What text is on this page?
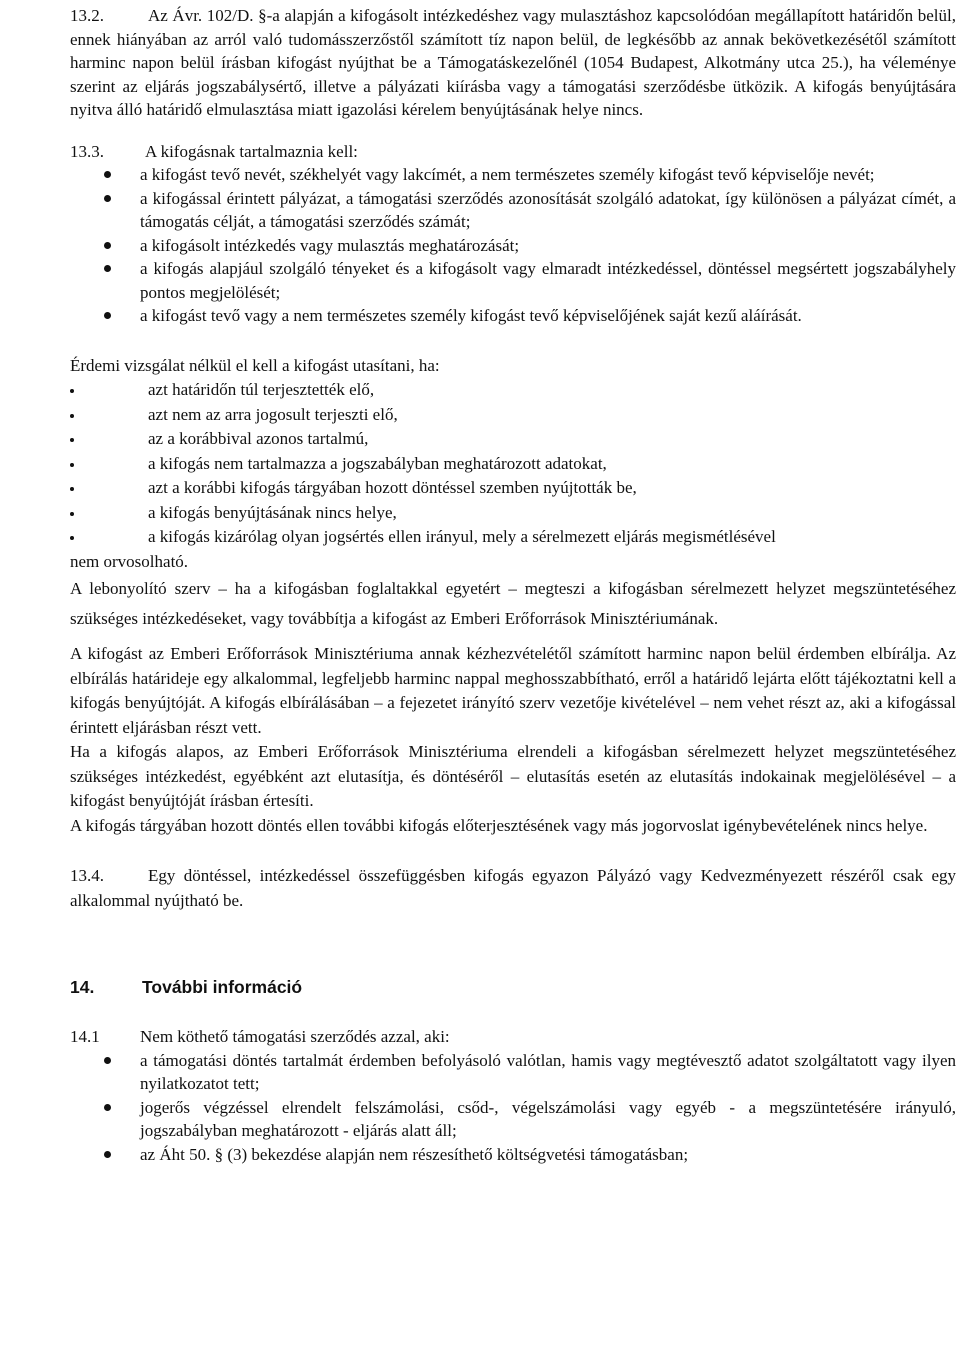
13.2.	Az Ávr. 102/D. §-a alapján a kifogásolt intézkedéshez vagy mulasztáshoz kapcsolódóan megállapított határidőn belül, ennek hiányában az arról való tudomásszerzőstől számított tíz napon belül, de legkésőbb az annak bekövetkezésétől számított harminc napon belül írásban kifogást nyújthat be a Támogatáskezelőnél (1054 Budapest, Alkotmány utca 25.), ha véleménye szerint az eljárás jogszabálysértő, illetve a pályázati kiírásba vagy a támogatási szerződésbe ütközik. A kifogás benyújtására nyitva álló határidő elmulasztása miatt igazolási kérelem benyújtásának helye nincs.

13.3. A kifogásnak tartalmaznia kell:

a kifogást tevő nevét, székhelyét vagy lakcímét, a nem természetes személy kifogást tevő képviselője nevét;
a kifogással érintett pályázat, a támogatási szerződés azonosítását szolgáló adatokat, így különösen a pályázat címét, a támogatás célját, a támogatási szerződés számát;
a kifogásolt intézkedés vagy mulasztás meghatározását;
a kifogás alapjául szolgáló tényeket és a kifogásolt vagy elmaradt intézkedéssel, döntéssel megsértett jogszabályhely pontos megjelölését;
a kifogást tevő vagy a nem természetes személy kifogást tevő képviselőjének saját kezű aláírását.

Érdemi vizsgálat nélkül el kell a kifogást utasítani, ha:

azt határidőn túl terjesztették elő,
azt nem az arra jogosult terjeszti elő,
az a korábbival azonos tartalmú,
a kifogás nem tartalmazza a jogszabályban meghatározott adatokat,
azt a korábbi kifogás tárgyában hozott döntéssel szemben nyújtották be,
a kifogás benyújtásának nincs helye,
a kifogás kizárólag olyan jogsértés ellen irányul, mely a sérelmezett eljárás megismétlésével

nem orvosolható.

A lebonyolító szerv – ha a kifogásban foglaltakkal egyetért – megteszi a kifogásban sérelmezett helyzet megszüntetéséhez szükséges intézkedéseket, vagy továbbítja a kifogást az Emberi Erőforrások Minisztériumának.

A kifogást az Emberi Erőforrások Minisztériuma annak kézhezvételétől számított harminc napon belül érdemben elbírálja. Az elbírálás határideje egy alkalommal, legfeljebb harminc nappal meghosszabbítható, erről a határidő lejárta előtt tájékoztatni kell a kifogás benyújtóját. A kifogás elbírálásában – a fejezetet irányító szerv vezetője kivételével – nem vehet részt az, aki a kifogással érintett eljárásban részt vett.

Ha a kifogás alapos, az Emberi Erőforrások Minisztériuma elrendeli a kifogásban sérelmezett helyzet megszüntetéséhez szükséges intézkedést, egyébként azt elutasítja, és döntéséről – elutasítás esetén az elutasítás indokainak megjelölésével – a kifogást benyújtóját írásban értesíti.

A kifogás tárgyában hozott döntés ellen további kifogás előterjesztésének vagy más jogorvoslat igénybevételének nincs helye.

13.4.	Egy döntéssel, intézkedéssel összefüggésben kifogás egyazon Pályázó vagy Kedvezményezett részéről csak egy alkalommal nyújtható be.

14.	További információ

14.1 Nem köthető támogatási szerződés azzal, aki:

a támogatási döntés tartalmát érdemben befolyásoló valótlan, hamis vagy megtévesztő adatot szolgáltatott vagy ilyen nyilatkozatot tett;
jogerős végzéssel elrendelt felszámolási, csőd-, végelszámolási vagy egyéb - a megszüntetésére irányuló, jogszabályban meghatározott - eljárás alatt áll;
az Áht 50. § (3) bekezdése alapján nem részesíthető költségvetési támogatásban;
